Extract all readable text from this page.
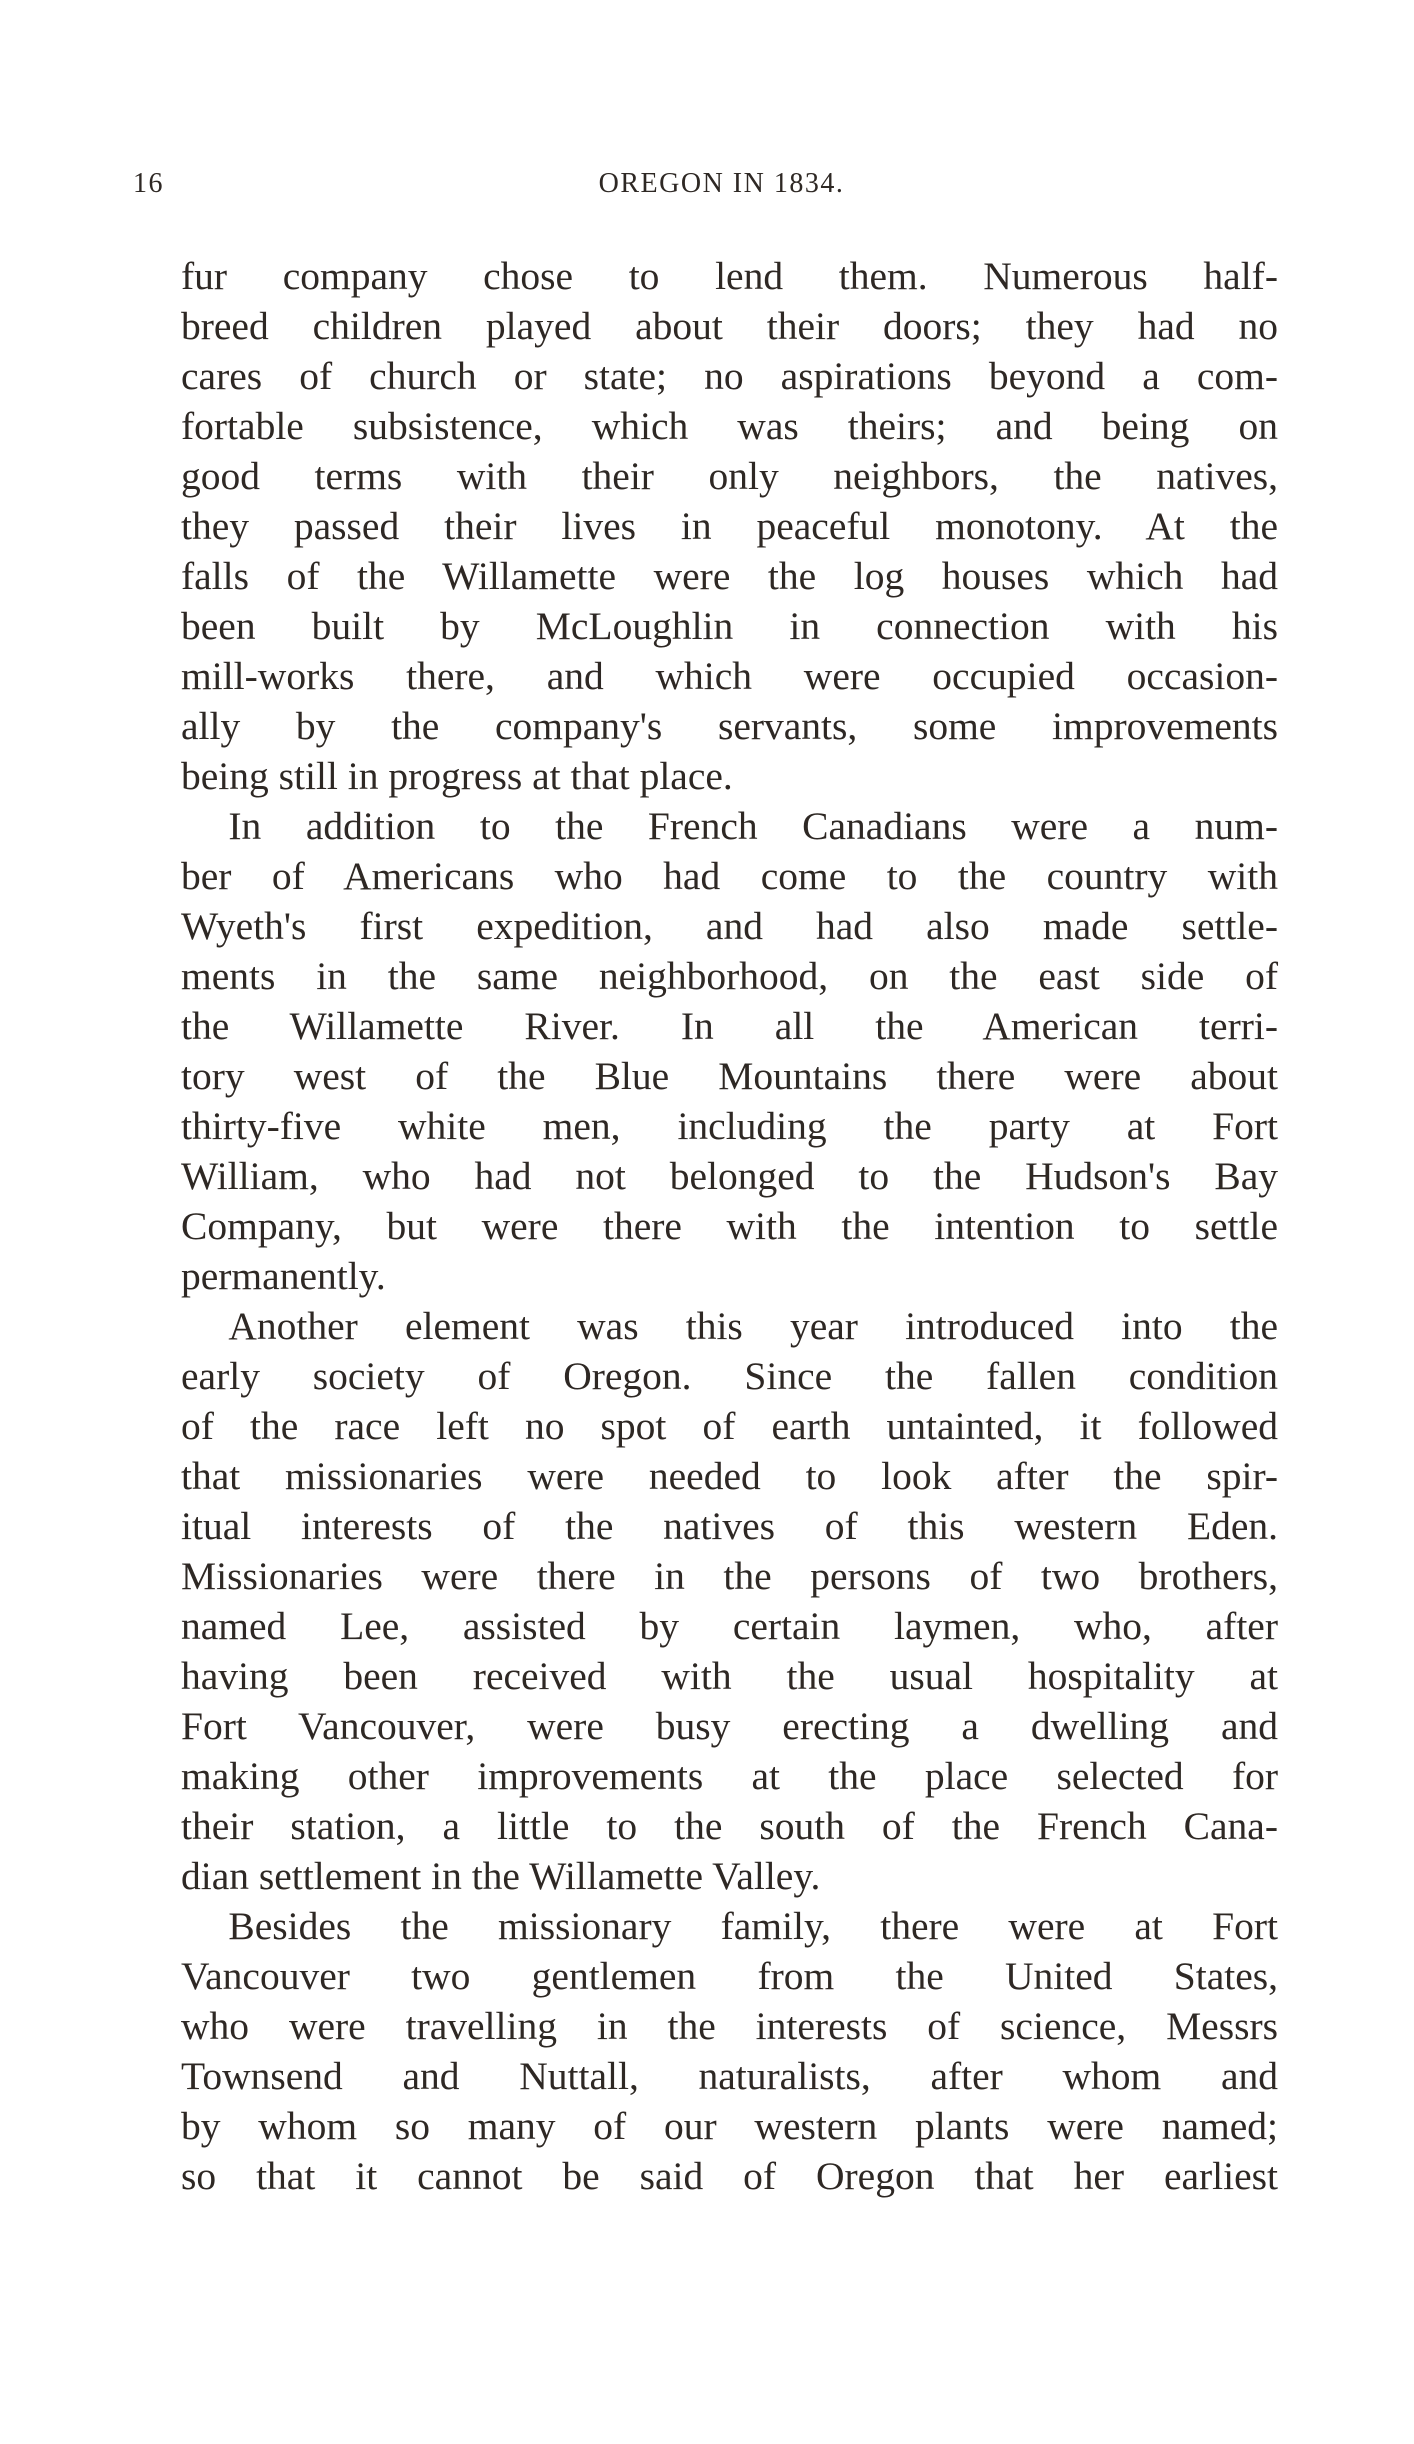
16	OREGON IN 1834.
fur company chose to lend them. Numerous half-
breed children played about their doors; they had no
cares of church or state; no aspirations beyond a com-
fortable subsistence, which was theirs; and being on
good terms with their only neighbors, the natives,
they passed their lives in peaceful monotony. At the
falls of the Willamette were the log houses which had
been built by McLoughlin in connection with his
mill-works there, and which were occupied occasion-
ally by the company's servants, some improvements
being still in progress at that place.
In addition to the French Canadians were a num-
ber of Americans who had come to the country with
Wyeth's first expedition, and had also made settle-
ments in the same neighborhood, on the east side of
the Willamette River. In all the American terri-
tory west of the Blue Mountains there were about
thirty-five white men, including the party at Fort
William, who had not belonged to the Hudson's Bay
Company, but were there with the intention to settle
permanently.
Another element was this year introduced into the
early society of Oregon. Since the fallen condition
of the race left no spot of earth untainted, it followed
that missionaries were needed to look after the spir-
itual interests of the natives of this western Eden.
Missionaries were there in the persons of two brothers,
named Lee, assisted by certain laymen, who, after
having been received with the usual hospitality at
Fort Vancouver, were busy erecting a dwelling and
making other improvements at the place selected for
their station, a little to the south of the French Cana-
dian settlement in the Willamette Valley.
Besides the missionary family, there were at Fort
Vancouver two gentlemen from the United States,
who were travelling in the interests of science, Messrs
Townsend and Nuttall, naturalists, after whom and
by whom so many of our western plants were named;
so that it cannot be said of Oregon that her earliest
